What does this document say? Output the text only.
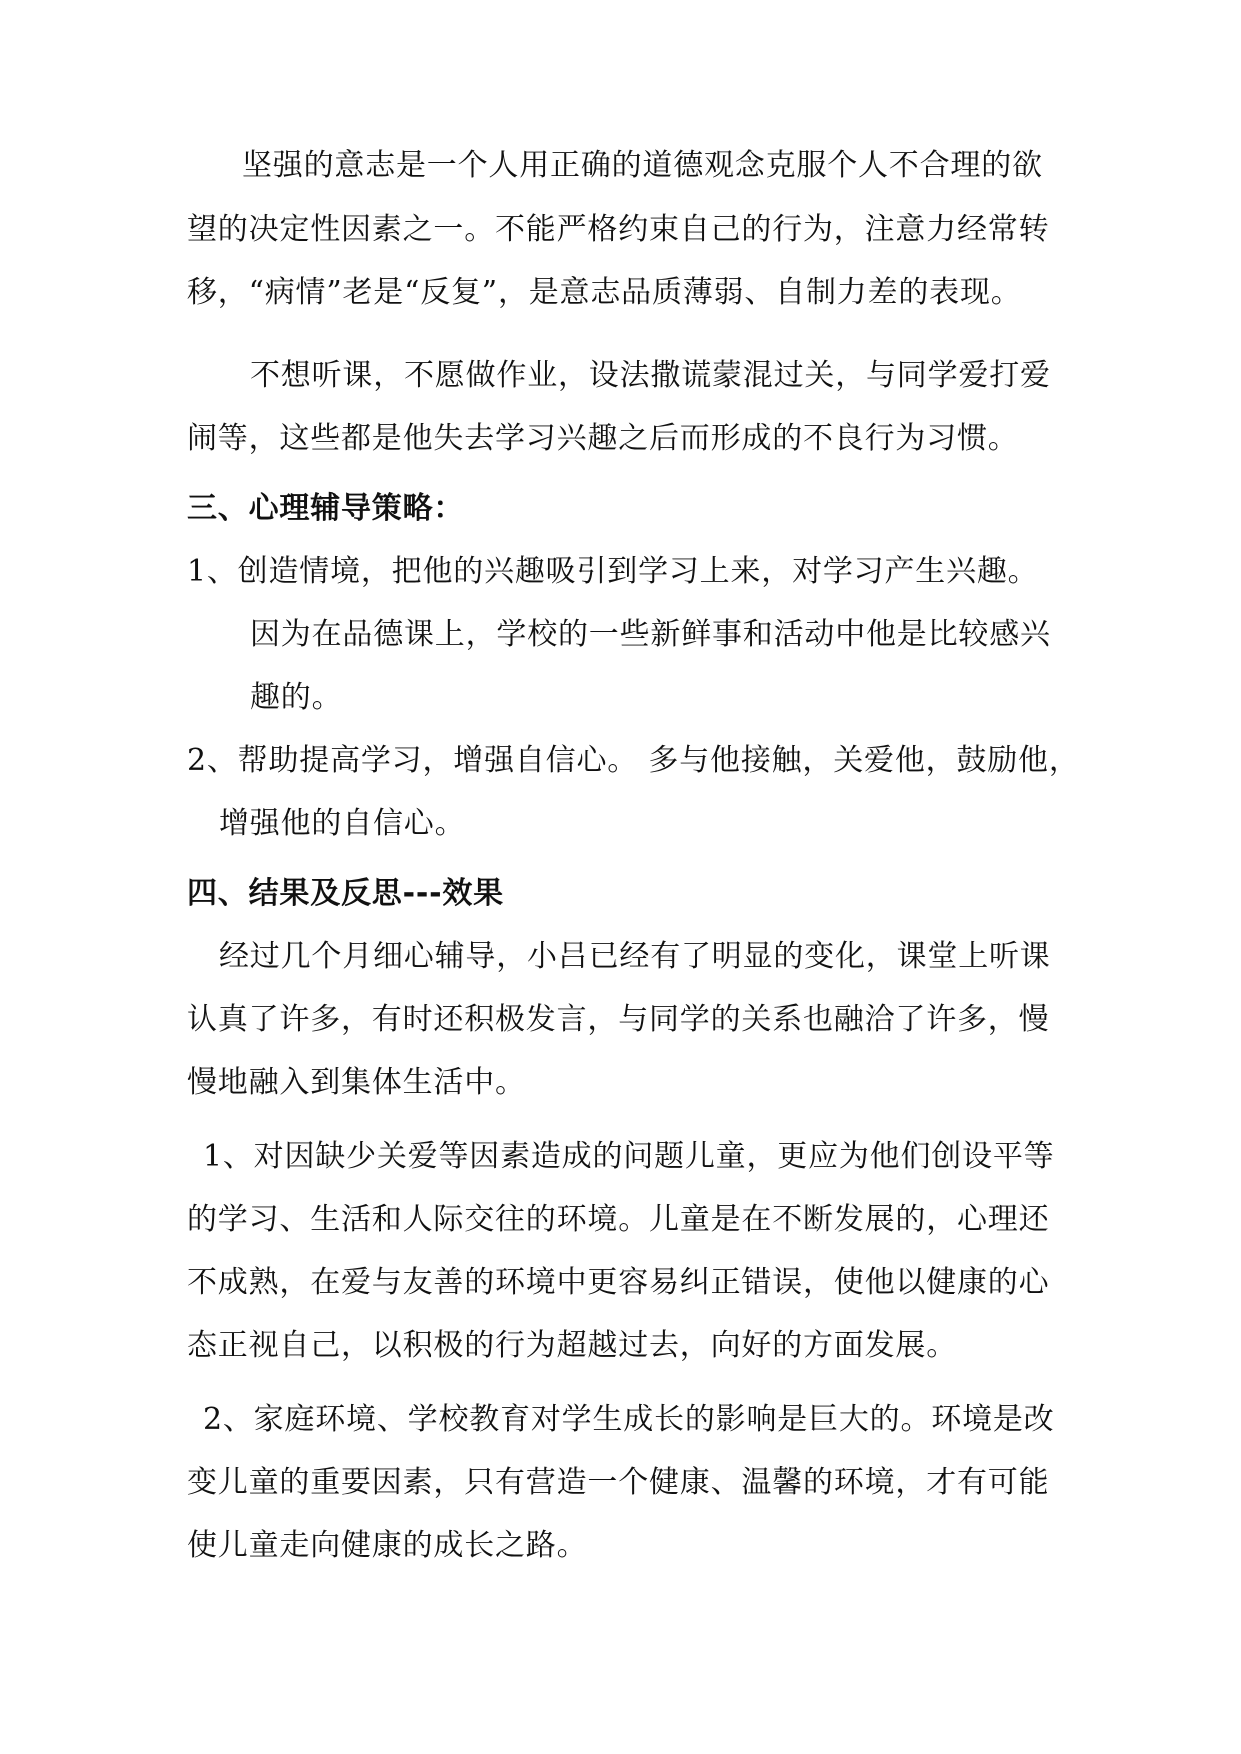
坚强的意志是一个人用正确的道德观念克服个人不合理的欲
望的决定性因素之一。不能严格约束自己的行为，注意力经常转
移，“病情”老是“反复”，是意志品质薄弱、自制力差的表现。
不想听课，不愿做作业，设法撒谎蒙混过关，与同学爱打爱
闹等，这些都是他失去学习兴趣之后而形成的不良行为习惯。
三、心理辅导策略：
1、创造情境，把他的兴趣吸引到学习上来，对学习产生兴趣。
因为在品德课上，学校的一些新鲜事和活动中他是比较感兴
趣的。
2、帮助提高学习，增强自信心。 多与他接触，关爱他，鼓励他，
增强他的自信心。
四、结果及反思---效果
经过几个月细心辅导，小吕已经有了明显的变化，课堂上听课
认真了许多，有时还积极发言，与同学的关系也融洽了许多，慢
慢地融入到集体生活中。
1、对因缺少关爱等因素造成的问题儿童，更应为他们创设平等
的学习、生活和人际交往的环境。儿童是在不断发展的，心理还
不成熟，在爱与友善的环境中更容易纠正错误，使他以健康的心
态正视自己，以积极的行为超越过去，向好的方面发展。
2、家庭环境、学校教育对学生成长的影响是巨大的。环境是改
变儿童的重要因素，只有营造一个健康、温馨的环境，才有可能
使儿童走向健康的成长之路。
